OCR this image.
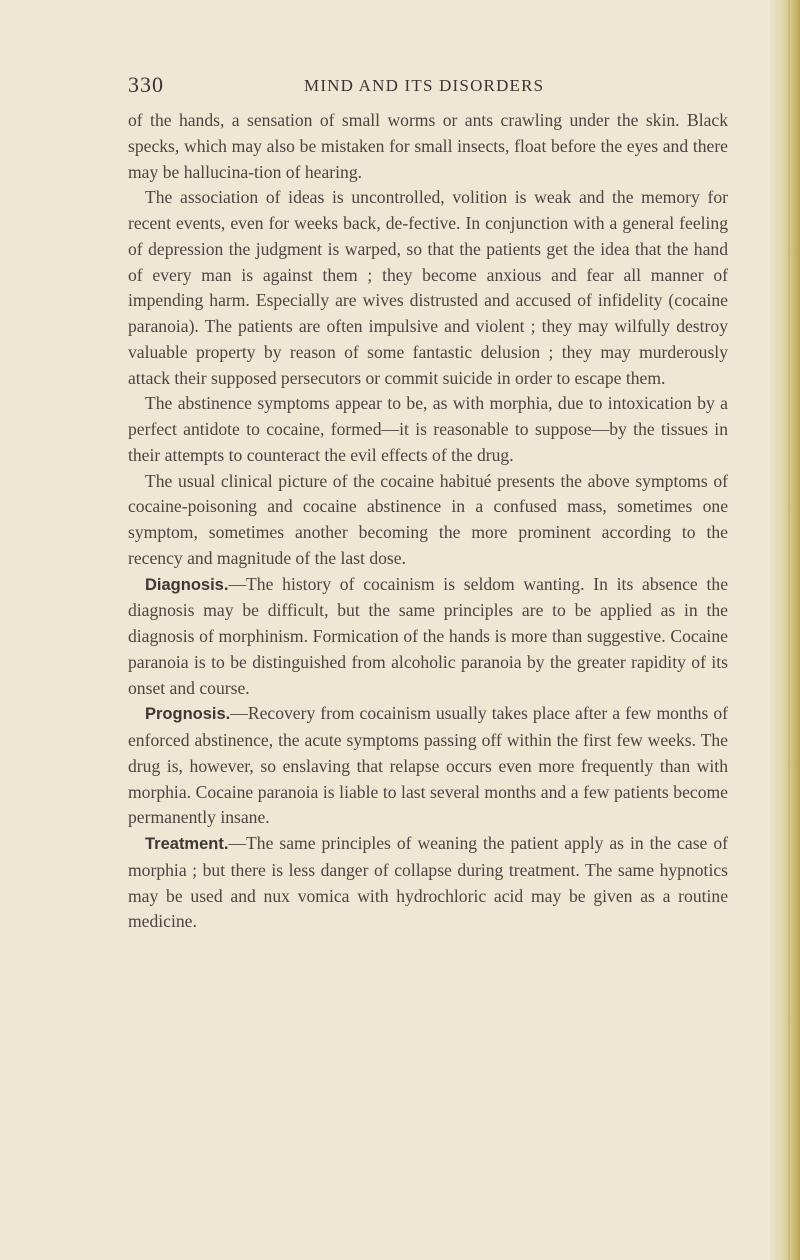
330	MIND AND ITS DISORDERS

of the hands, a sensation of small worms or ants crawling under the skin. Black specks, which may also be mistaken for small insects, float before the eyes and there may be hallucina-tion of hearing.

The association of ideas is uncontrolled, volition is weak and the memory for recent events, even for weeks back, de-fective. In conjunction with a general feeling of depression the judgment is warped, so that the patients get the idea that the hand of every man is against them ; they become anxious and fear all manner of impending harm. Especially are wives distrusted and accused of infidelity (cocaine paranoia). The patients are often impulsive and violent ; they may wilfully destroy valuable property by reason of some fantastic delusion ; they may murderously attack their supposed persecutors or commit suicide in order to escape them.

The abstinence symptoms appear to be, as with morphia, due to intoxication by a perfect antidote to cocaine, formed—it is reasonable to suppose—by the tissues in their attempts to counteract the evil effects of the drug.

The usual clinical picture of the cocaine habitué presents the above symptoms of cocaine-poisoning and cocaine abstinence in a confused mass, sometimes one symptom, sometimes another becoming the more prominent according to the recency and magnitude of the last dose.

Diagnosis.—The history of cocainism is seldom wanting. In its absence the diagnosis may be difficult, but the same principles are to be applied as in the diagnosis of morphinism. Formication of the hands is more than suggestive. Cocaine paranoia is to be distinguished from alcoholic paranoia by the greater rapidity of its onset and course.

Prognosis.—Recovery from cocainism usually takes place after a few months of enforced abstinence, the acute symptoms passing off within the first few weeks. The drug is, however, so enslaving that relapse occurs even more frequently than with morphia. Cocaine paranoia is liable to last several months and a few patients become permanently insane.

Treatment.—The same principles of weaning the patient apply as in the case of morphia ; but there is less danger of collapse during treatment. The same hypnotics may be used and nux vomica with hydrochloric acid may be given as a routine medicine.
